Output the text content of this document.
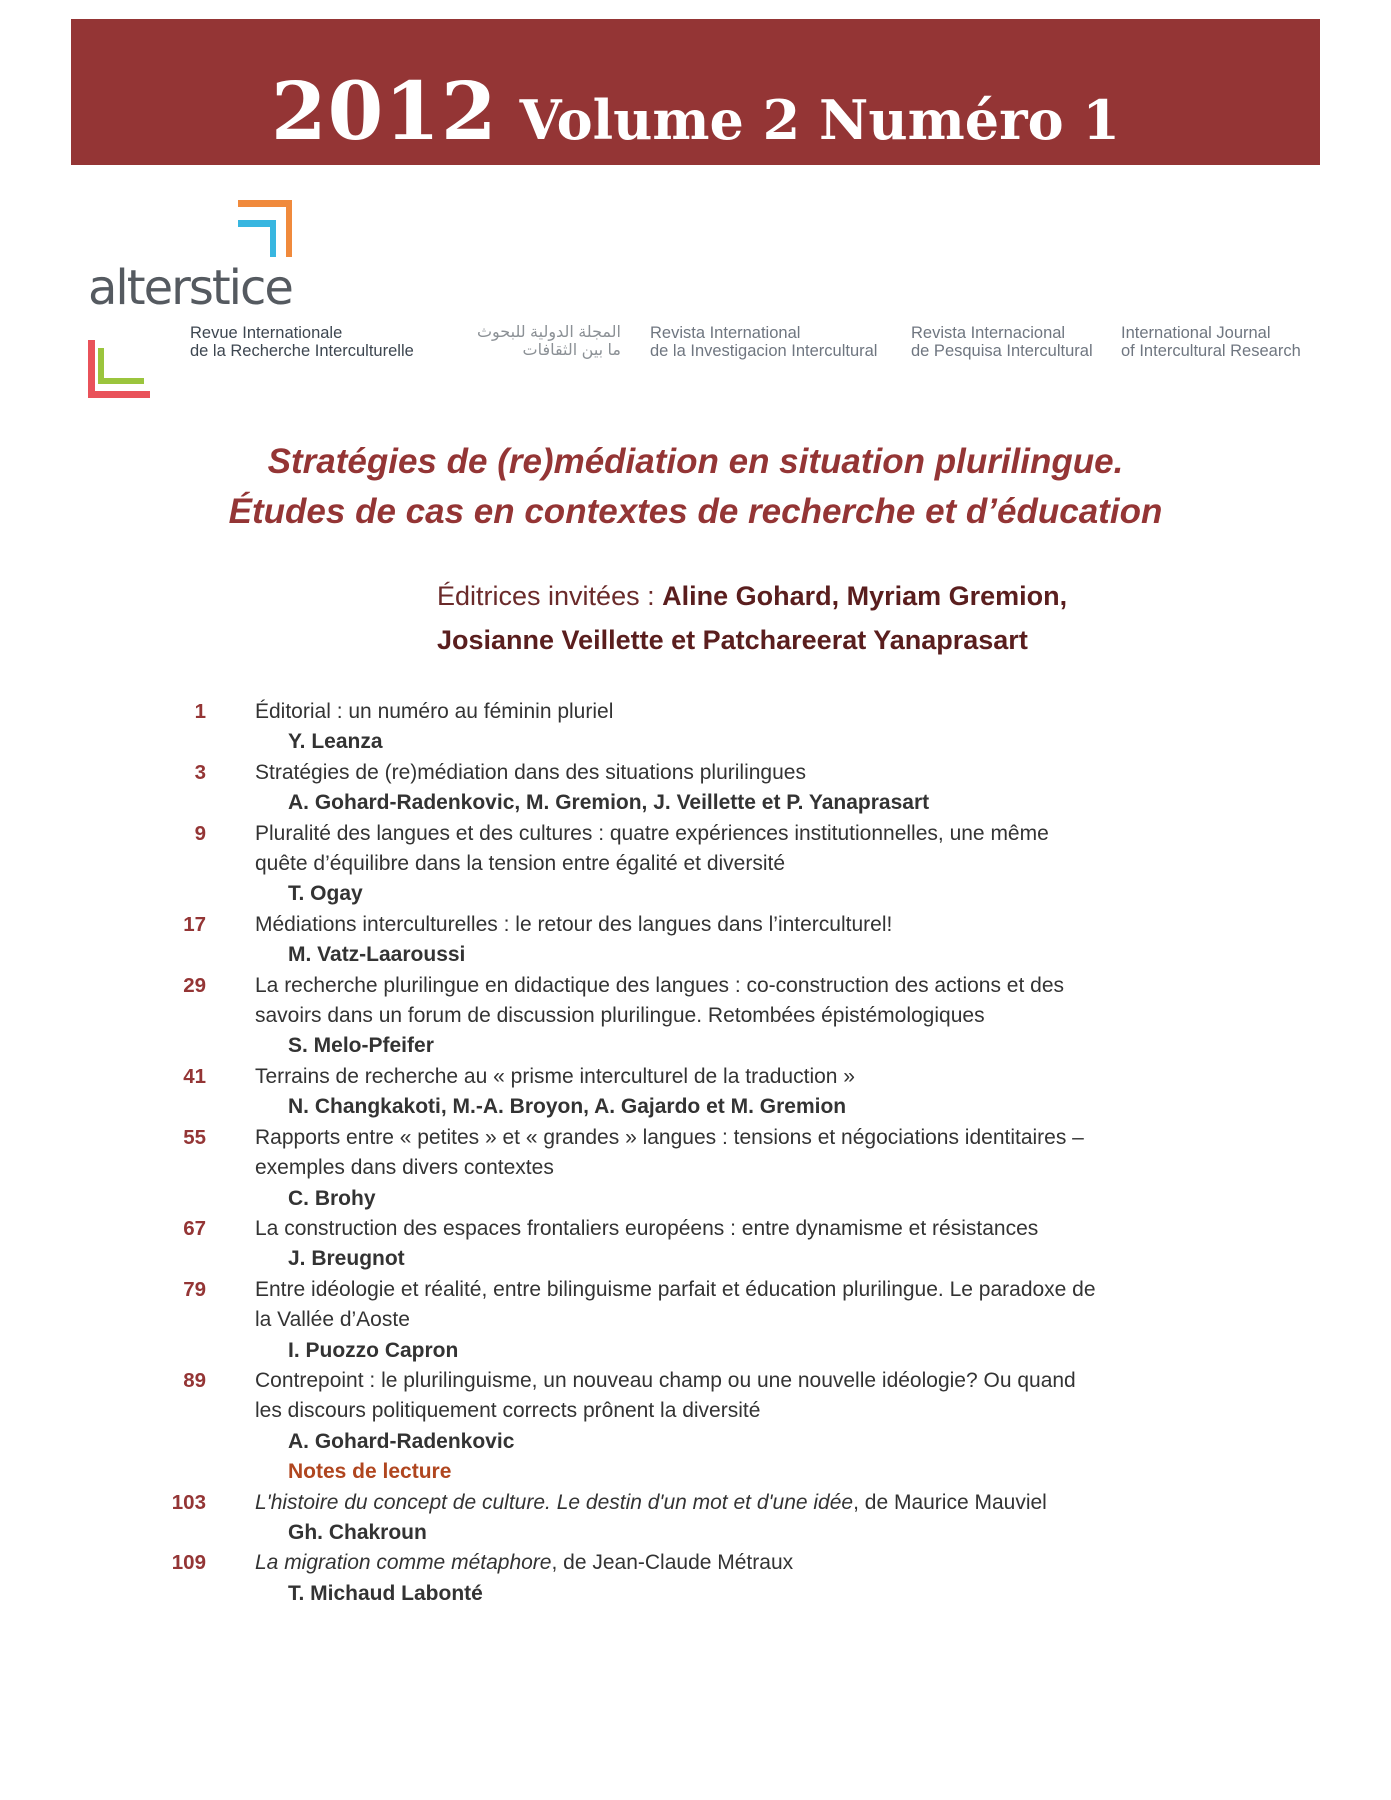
2012 Volume 2 Numéro 1
alterstice
Revue Internationale
de la Recherche Interculturelle
المجلة الدولية للبحوث
ما بين الثقافات
Revista International
de la Investigacion Intercultural
Revista Internacional
de Pesquisa Intercultural
International Journal
of Intercultural Research
Stratégies de (re)médiation en situation plurilingue.
Études de cas en contextes de recherche et d’éducation
Éditrices invitées : Aline Gohard, Myriam Gremion,
Josianne Veillette et Patchareerat Yanaprasart
1 Éditorial : un numéro au féminin pluriel
Y. Leanza
3 Stratégies de (re)médiation dans des situations plurilingues
A. Gohard-Radenkovic, M. Gremion, J. Veillette et P. Yanaprasart
9 Pluralité des langues et des cultures : quatre expériences institutionnelles, une même
quête d’équilibre dans la tension entre égalité et diversité
T. Ogay
17 Médiations interculturelles : le retour des langues dans l’interculturel!
M. Vatz-Laaroussi
29 La recherche plurilingue en didactique des langues : co-construction des actions et des
savoirs dans un forum de discussion plurilingue. Retombées épistémologiques
S. Melo-Pfeifer
41 Terrains de recherche au « prisme interculturel de la traduction »
N. Changkakoti, M.-A. Broyon, A. Gajardo et M. Gremion
55 Rapports entre « petites » et « grandes » langues : tensions et négociations identitaires –
exemples dans divers contextes
C. Brohy
67 La construction des espaces frontaliers européens : entre dynamisme et résistances
J. Breugnot
79 Entre idéologie et réalité, entre bilinguisme parfait et éducation plurilingue. Le paradoxe de
la Vallée d’Aoste
I. Puozzo Capron
89 Contrepoint : le plurilinguisme, un nouveau champ ou une nouvelle idéologie? Ou quand
les discours politiquement corrects prônent la diversité
A. Gohard-Radenkovic
Notes de lecture
103 L'histoire du concept de culture. Le destin d'un mot et d'une idée, de Maurice Mauviel
Gh. Chakroun
109 La migration comme métaphore, de Jean-Claude Métraux
T. Michaud Labonté
